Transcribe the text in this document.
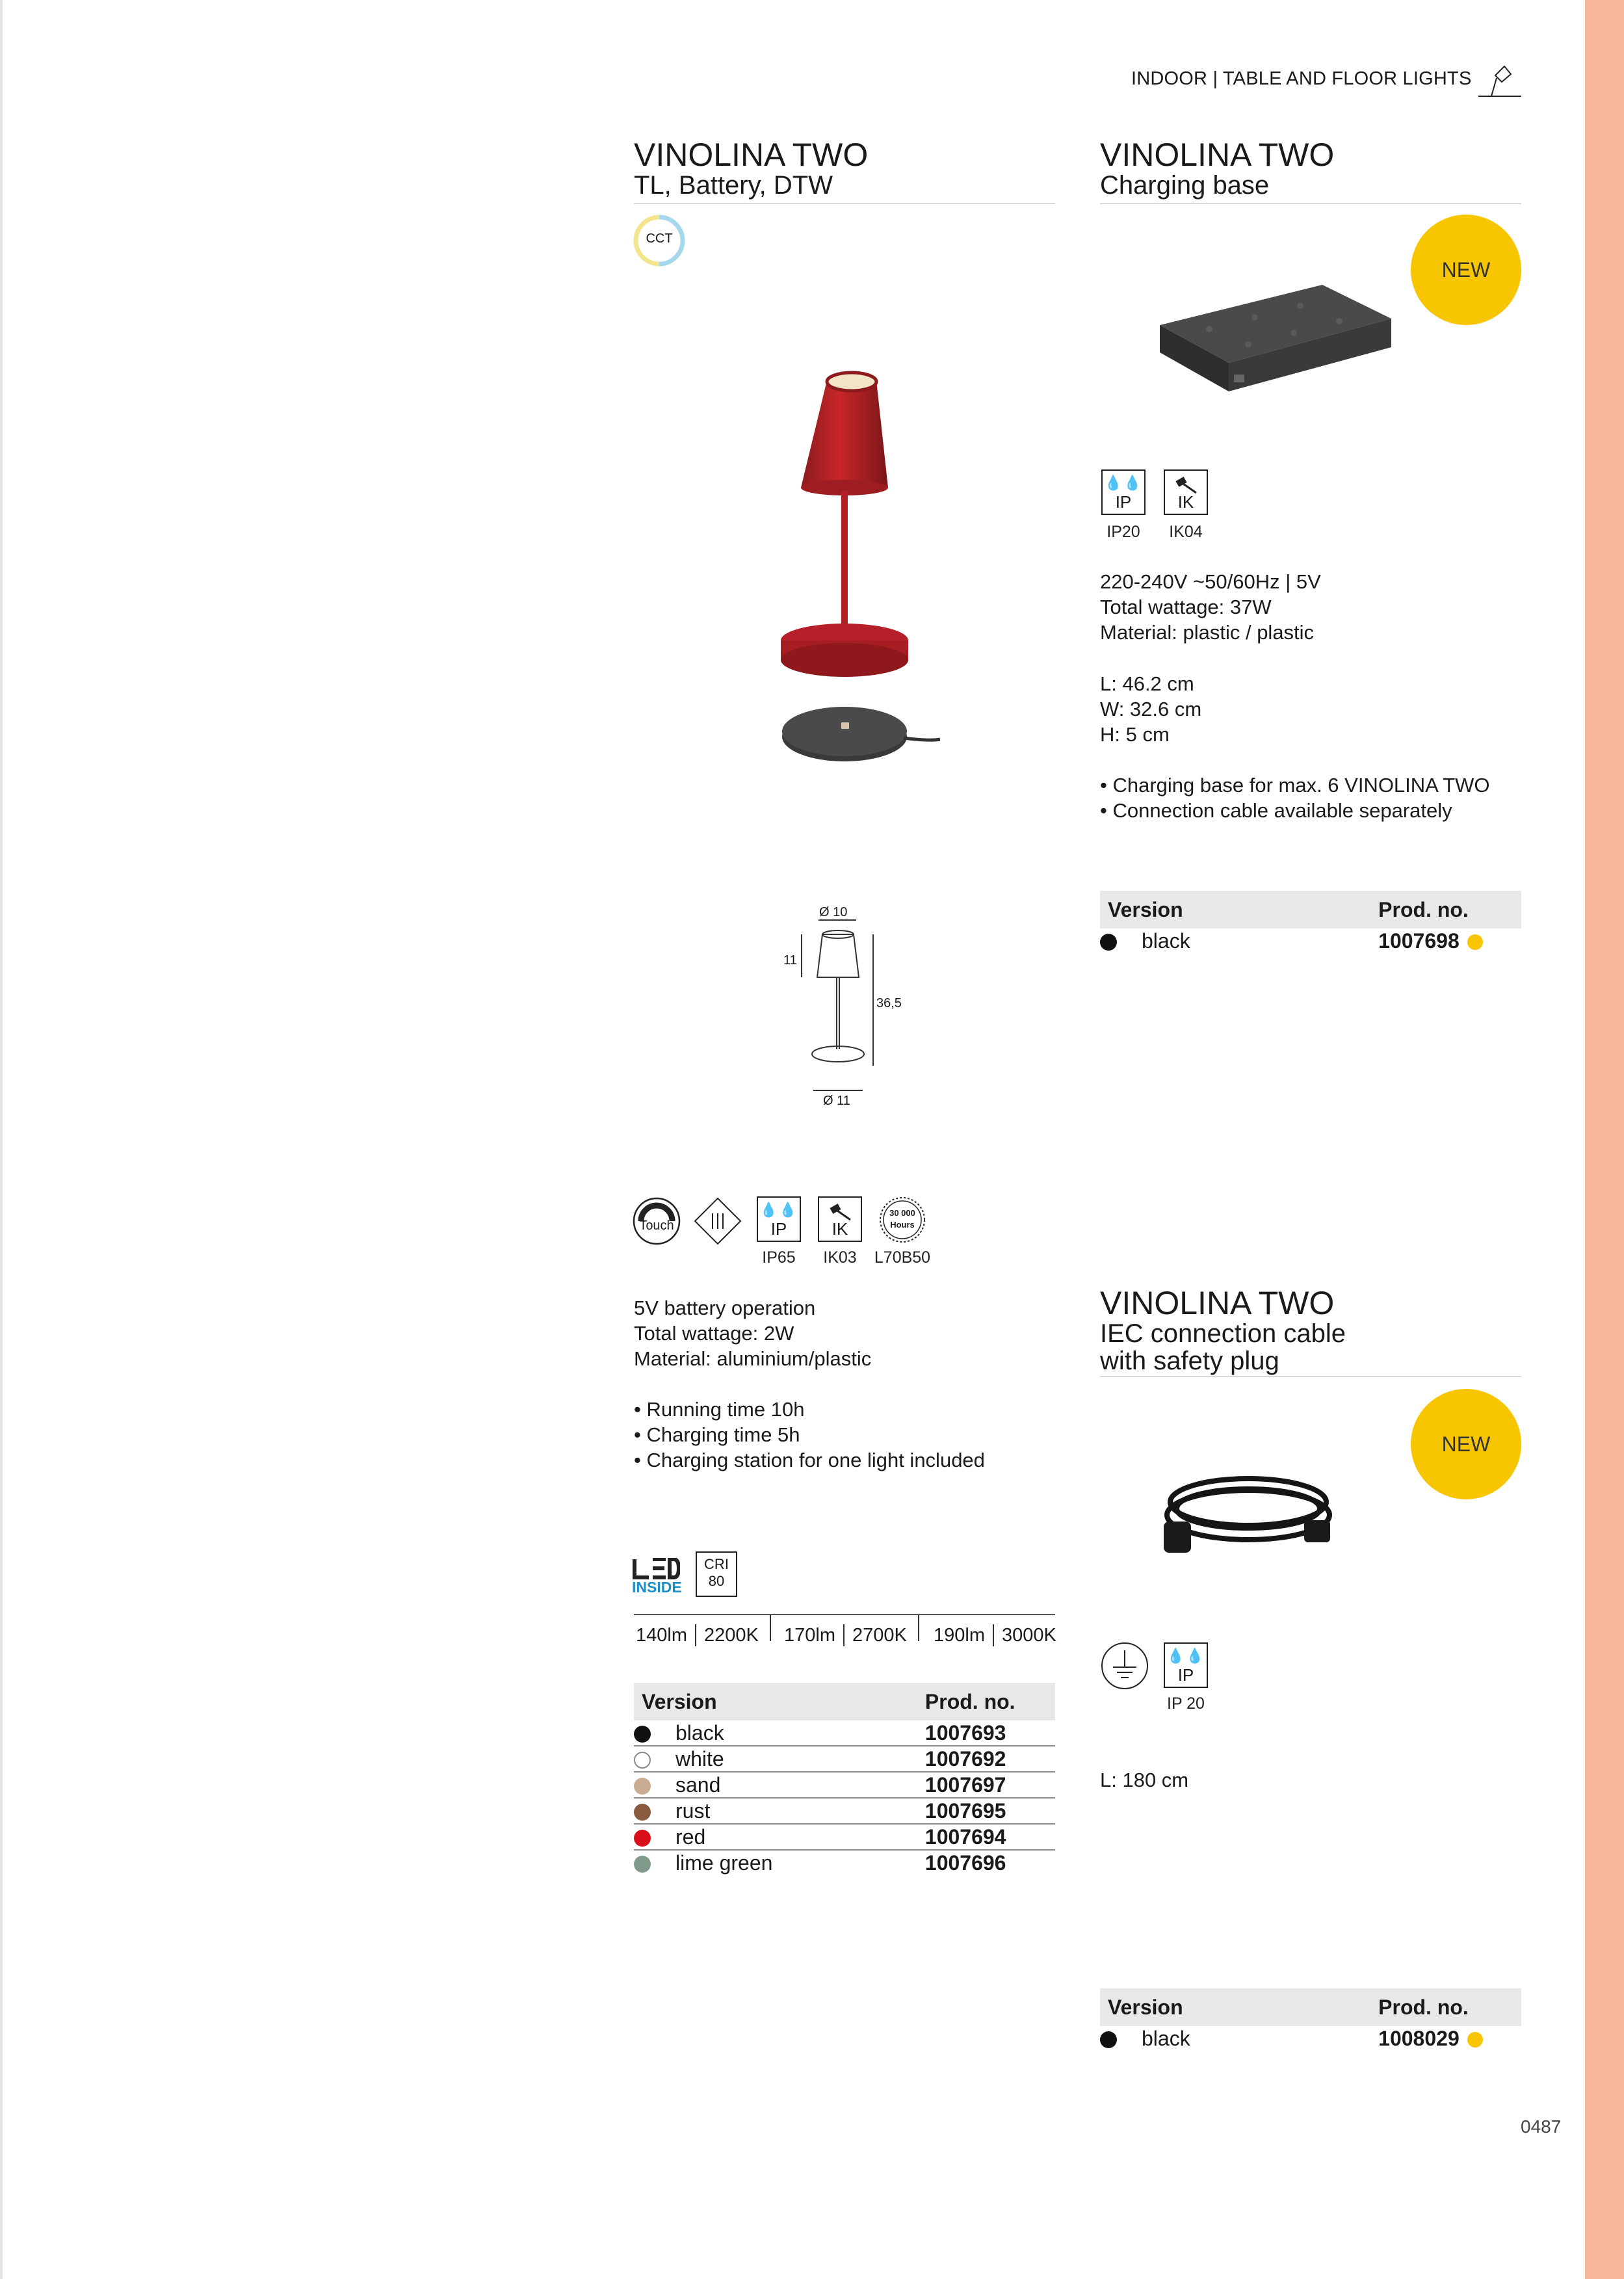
INDOOR | TABLE AND FLOOR LIGHTS
VINOLINA TWO
TL, Battery, DTW
CCT
Ø 10
11
36,5
Ø 11
Touch
💧💧
IP
IP65
IK
IK03
30 000
Hours
L70B50
5V battery operation
Total wattage: 2W
Material: aluminium/plastic
• Running time 10h
• Charging time 5h
• Charging station for one light included
INSIDE
CRI
80
140lm 2200K 170lm 2700K 190lm 3000K
Version		Prod. no.
	black	1007693
	white	1007692
	sand	1007697
	rust	1007695
	red	1007694
	lime green	1007696
VINOLINA TWO
Charging base
NEW
💧💧
IP
IP20
IK
IK04
220-240V ~50/60Hz | 5V
Total wattage: 37W
Material: plastic / plastic
L: 46.2 cm
W: 32.6 cm
H: 5 cm
• Charging base for max. 6 VINOLINA TWO
• Connection cable available separately
Version		Prod. no.
	black	1007698
VINOLINA TWO
IEC connection cable
with safety plug
NEW
💧💧
IP
IP 20
L: 180 cm
Version		Prod. no.
	black	1008029
0487
